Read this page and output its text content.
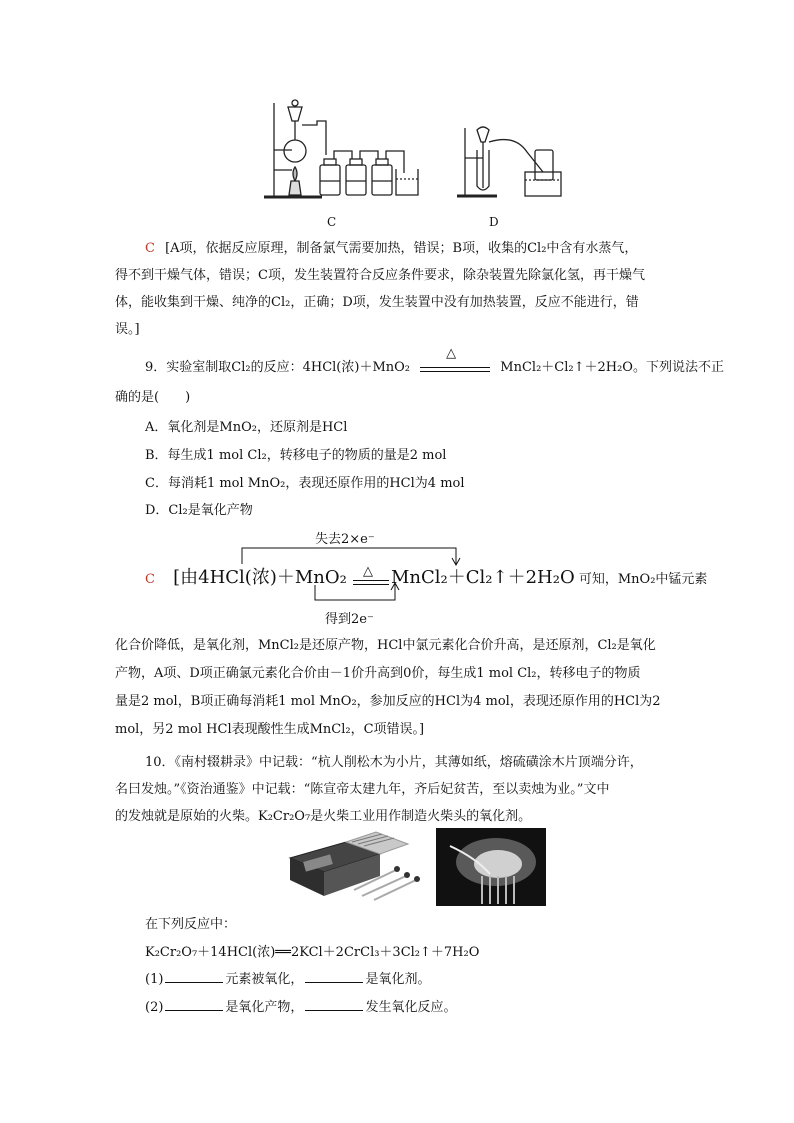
C	D
C [A项，依据反应原理，制备氯气需要加热，错误；B项，收集的Cl₂中含有水蒸气，
得不到干燥气体，错误；C项，发生装置符合反应条件要求，除杂装置先除氯化氢，再干燥气
体，能收集到干燥、纯净的Cl₂，正确；D项，发生装置中没有加热装置，反应不能进行，错
误。]
9．实验室制取Cl₂的反应：4HCl(浓)＋MnO₂
△
MnCl₂＋Cl₂↑＋2H₂O。下列说法不正
确的是(　　)
A．氧化剂是MnO₂，还原剂是HCl
B．每生成1 mol Cl₂，转移电子的物质的量是2 mol
C．每消耗1 mol MnO₂，表现还原作用的HCl为4 mol
D．Cl₂是氧化产物
失去2×e⁻
C [由4HCl(浓)＋MnO₂ △ MnCl₂＋Cl₂↑＋2H₂O 可知，MnO₂中锰元素
得到2e⁻
化合价降低，是氧化剂，MnCl₂是还原产物，HCl中氯元素化合价升高，是还原剂，Cl₂是氧化
产物，A项、D项正确氯元素化合价由－1价升高到0价，每生成1 mol Cl₂，转移电子的物质
量是2 mol，B项正确每消耗1 mol MnO₂，参加反应的HCl为4 mol，表现还原作用的HCl为2
mol，另2 mol HCl表现酸性生成MnCl₂，C项错误。]
10．《南村辍耕录》中记载：“杭人削松木为小片，其薄如纸，熔硫磺涂木片顶端分许，
名曰发烛。”《资治通鉴》中记载：“陈宣帝太建九年，齐后妃贫苦，至以卖烛为业。”文中
的发烛就是原始的火柴。K₂Cr₂O₇是火柴工业用作制造火柴头的氧化剂。
在下列反应中：
K₂Cr₂O₇＋14HCl(浓)══2KCl＋2CrCl₃＋3Cl₂↑＋7H₂O
(1)	元素被氧化，	是氧化剂。
(2)	是氧化产物，	发生氧化反应。
